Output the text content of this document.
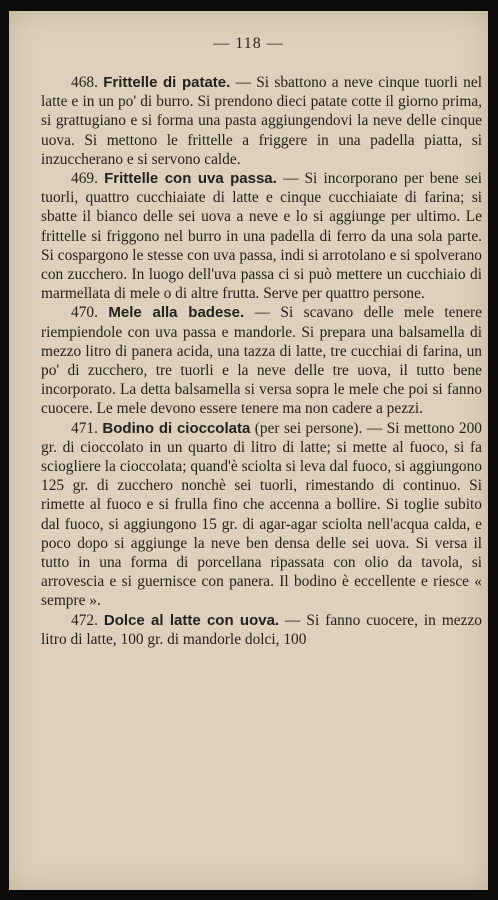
— 118 —

468. Frittelle di patate. — Si sbattono a neve cinque tuorli nel latte e in un po' di burro. Si prendono dieci patate cotte il giorno prima, si grattugiano e si forma una pasta aggiungendovi la neve delle cinque uova. Si mettono le frittelle a friggere in una padella piatta, si inzuccherano e si servono calde.

469. Frittelle con uva passa. — Si incorporano per bene sei tuorli, quattro cucchiaiate di latte e cinque cucchiaiate di farina; si sbatte il bianco delle sei uova a neve e lo si aggiunge per ultimo. Le frittelle si friggono nel burro in una padella di ferro da una sola parte. Si cospargono le stesse con uva passa, indi si arrotolano e si spolverano con zucchero. In luogo dell'uva passa ci si può mettere un cucchiaio di marmellata di mele o di altre frutta. Serve per quattro persone.

470. Mele alla badese. — Si scavano delle mele tenere riempiendole con uva passa e mandorle. Si prepara una balsamella di mezzo litro di panera acida, una tazza di latte, tre cucchiai di farina, un po' di zucchero, tre tuorli e la neve delle tre uova, il tutto bene incorporato. La detta balsamella si versa sopra le mele che poi si fanno cuocere. Le mele devono essere tenere ma non cadere a pezzi.

471. Bodino di cioccolata (per sei persone). — Si mettono 200 gr. di cioccolato in un quarto di litro di latte; si mette al fuoco, si fa sciogliere la cioccolata; quand'è sciolta si leva dal fuoco, si aggiungono 125 gr. di zucchero nonchè sei tuorli, rimestando di continuo. Si rimette al fuoco e si frulla fino che accenna a bollire. Si toglie subito dal fuoco, si aggiungono 15 gr. di agar-agar sciolta nell'acqua calda, e poco dopo si aggiunge la neve ben densa delle sei uova. Si versa il tutto in una forma di porcellana ripassata con olio da tavola, si arrovescia e si guernisce con panera. Il bodino è eccellente e riesce « sempre ».

472. Dolce al latte con uova. — Si fanno cuocere, in mezzo litro di latte, 100 gr. di mandorle dolci, 100
